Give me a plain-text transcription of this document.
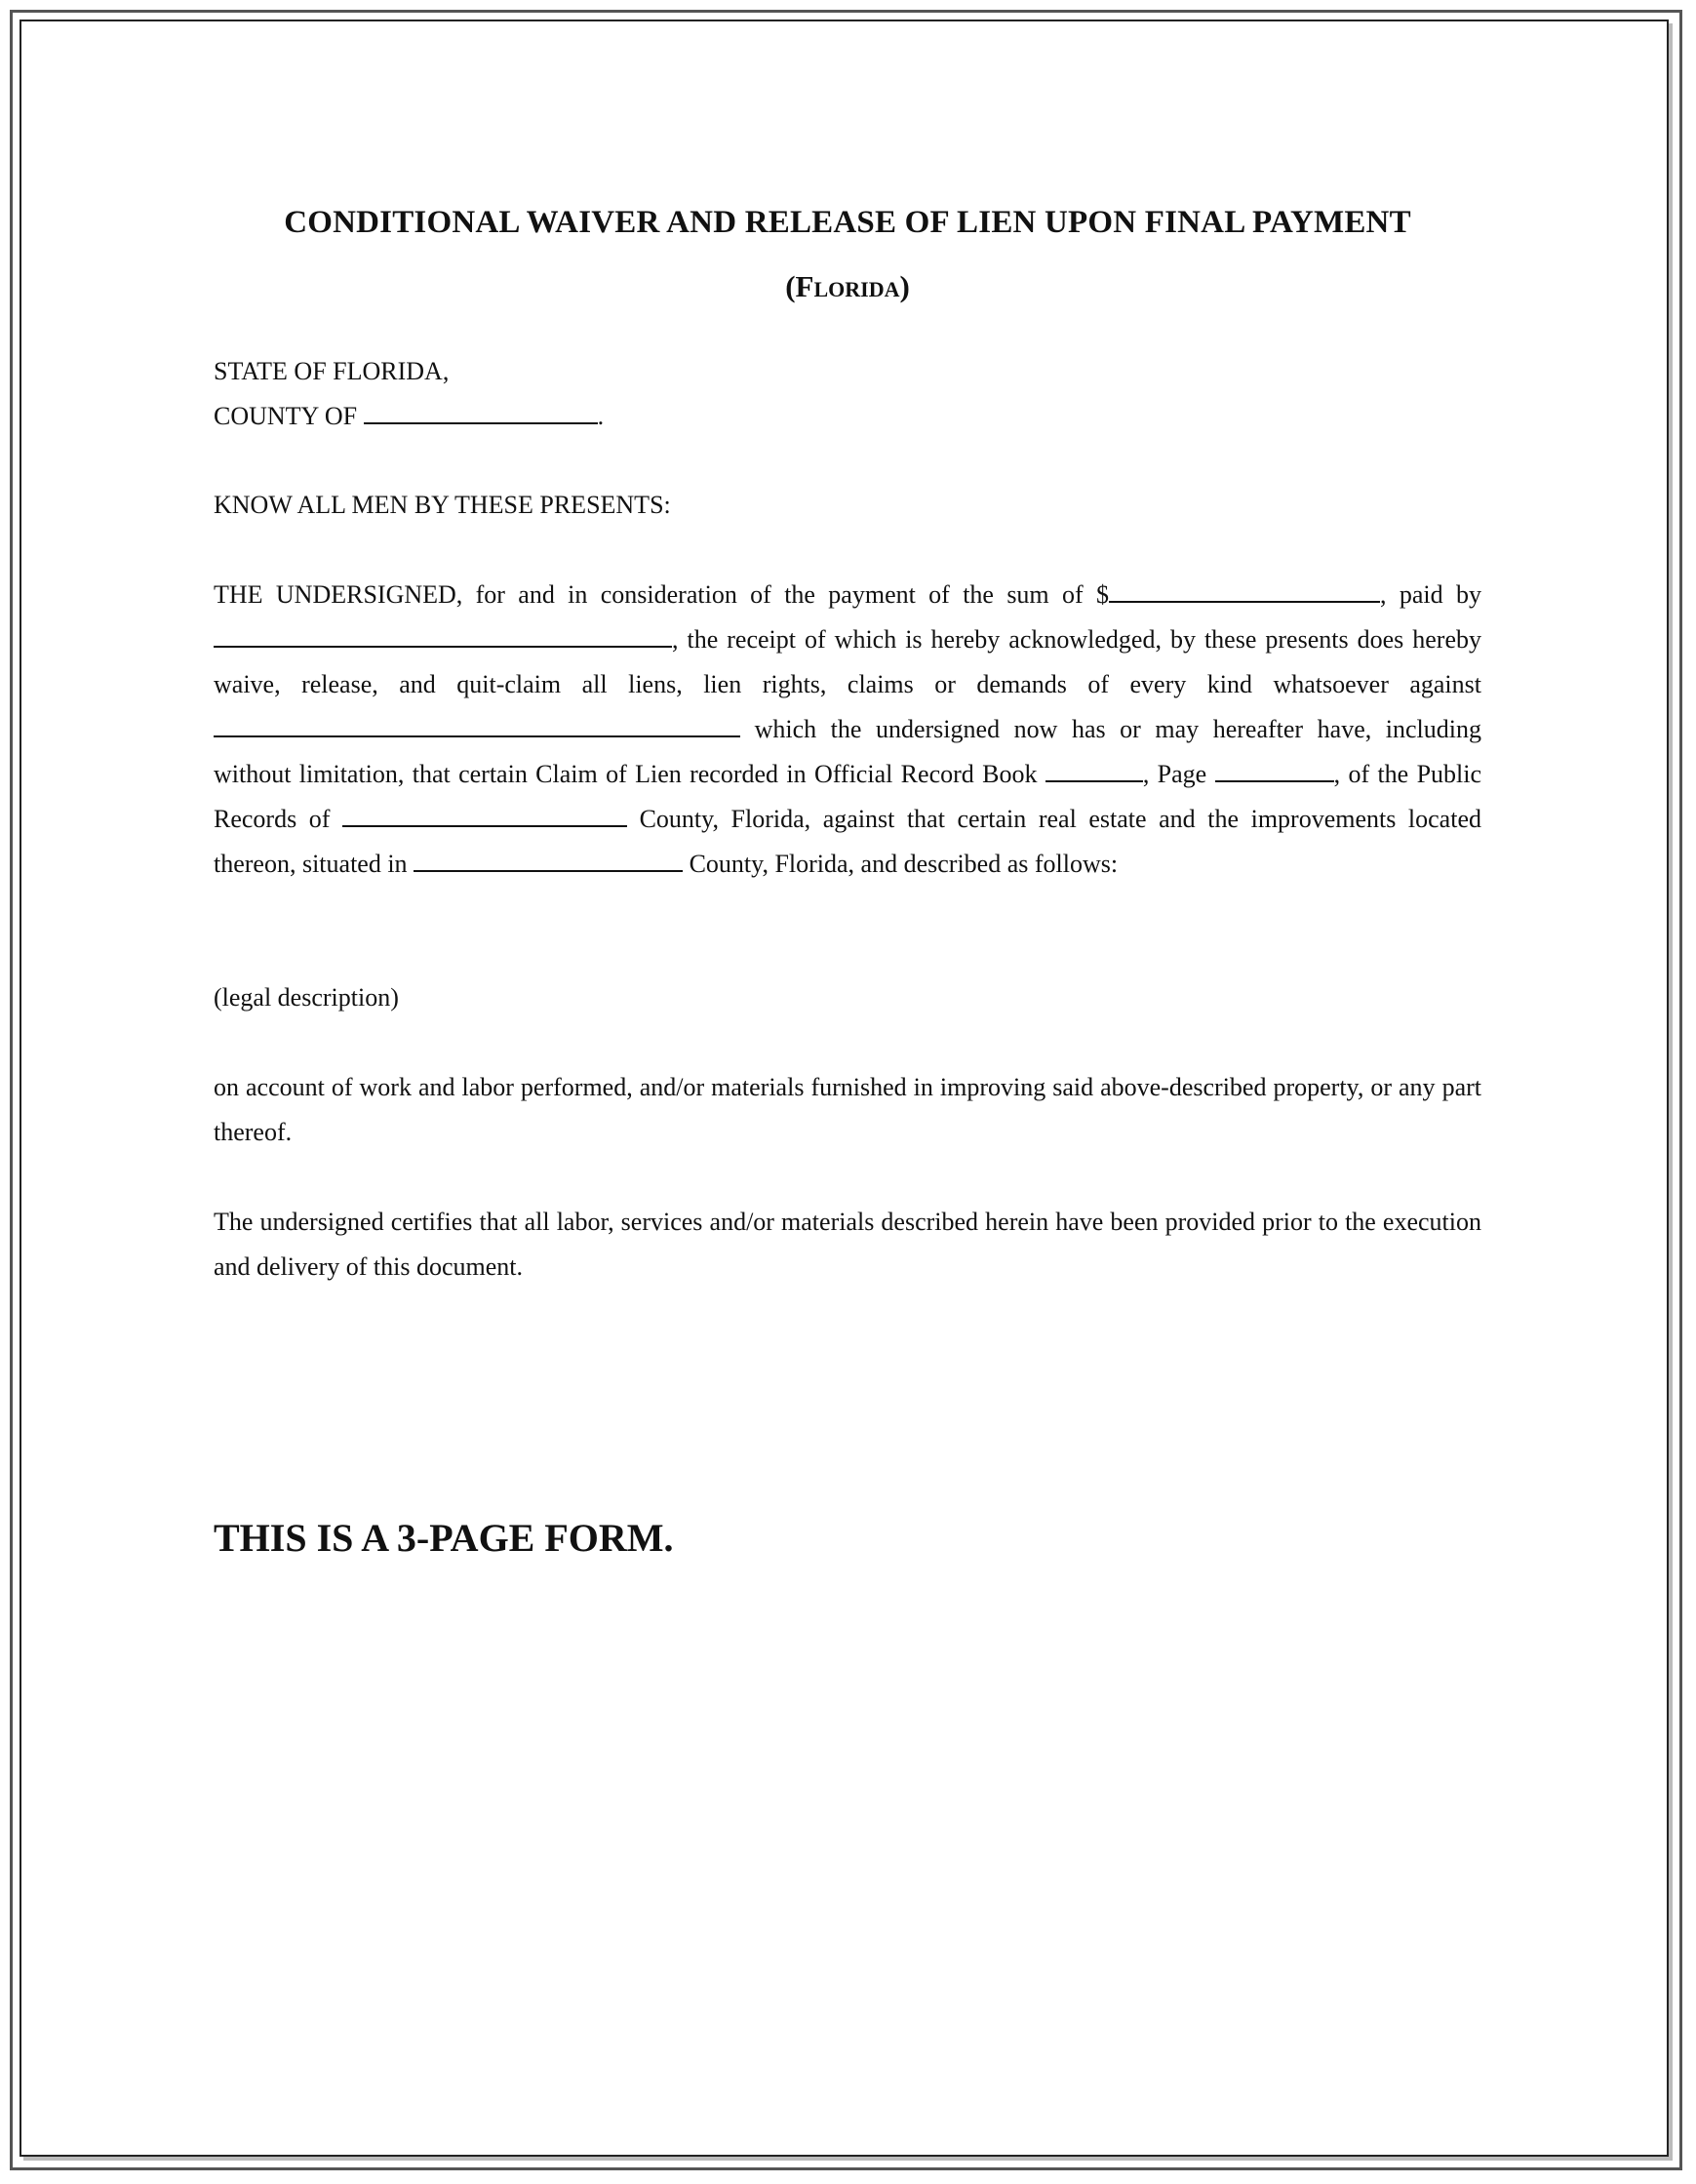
CONDITIONAL WAIVER AND RELEASE OF LIEN UPON FINAL PAYMENT
(Florida)
STATE OF FLORIDA,
COUNTY OF	.
KNOW ALL MEN BY THESE PRESENTS:
THE UNDERSIGNED, for and in consideration of the payment of the sum of $	, paid by , the receipt of which is hereby acknowledged, by these presents does hereby waive, release, and quit-claim all liens, lien rights, claims or demands of every kind whatsoever against  which the undersigned now has or may hereafter have, including without limitation, that certain Claim of Lien recorded in Official Record Book	, Page	, of the Public Records of	County, Florida, against that certain real estate and the improvements located thereon, situated in	County, Florida, and described as follows:
(legal description)
on account of work and labor performed, and/or materials furnished in improving said above-described property, or any part thereof.
The undersigned certifies that all labor, services and/or materials described herein have been provided prior to the execution and delivery of this document.
THIS IS A 3-PAGE FORM.
